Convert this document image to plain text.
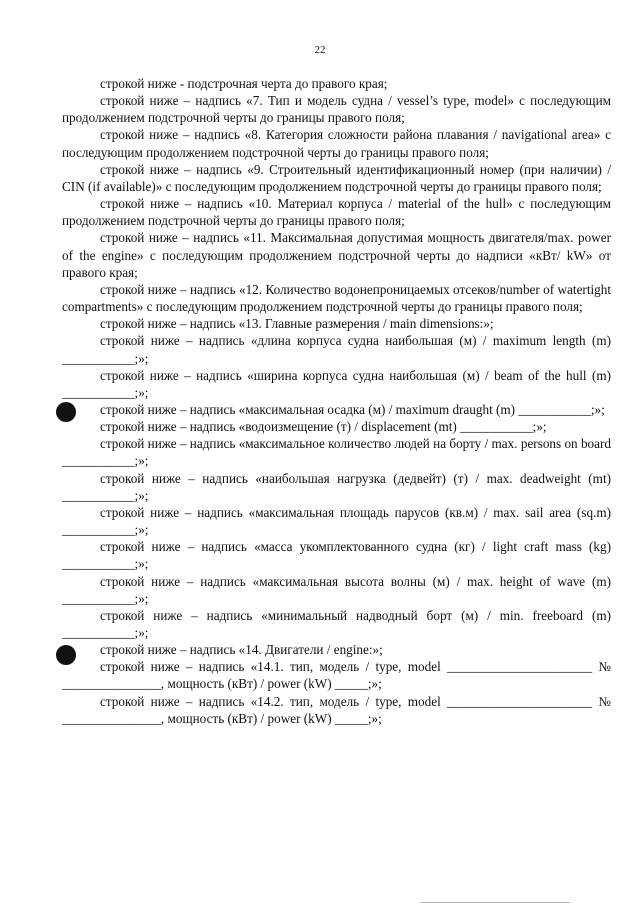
22

строкой ниже - подстрочная черта до правого края;

строкой ниже – надпись «7. Тип и модель судна / vessel’s type, model» с последующим продолжением подстрочной черты до границы правого поля;

строкой ниже – надпись «8. Категория сложности района плавания / navigational area» с последующим продолжением подстрочной черты до границы правого поля;

строкой ниже – надпись «9. Строительный идентификационный номер (при наличии) / CIN (if available)» с последующим продолжением подстрочной черты до границы правого поля;

строкой ниже – надпись «10. Материал корпуса / material of the hull» с последующим продолжением подстрочной черты до границы правого поля;

строкой ниже – надпись «11. Максимальная допустимая мощность двигателя/max. power of the engine» с последующим продолжением подстрочной черты до надписи «кВт/ kW» от правого края;

строкой ниже – надпись «12. Количество водонепроницаемых отсеков/number of watertight compartments» с последующим продолжением подстрочной черты до границы правого поля;

строкой ниже – надпись «13. Главные размерения / main dimensions:»;

строкой ниже – надпись «длина корпуса судна наибольшая (м) / maximum length (m) ___________;»;

строкой ниже – надпись «ширина корпуса судна наибольшая (м) / beam of the hull (m) ___________;»;

строкой ниже – надпись «максимальная осадка (м) / maximum draught (m) ___________;»;

строкой ниже – надпись «водоизмещение (т) / displacement (mt) ___________;»;

строкой ниже – надпись «максимальное количество людей на борту / max. persons on board ___________;»;

строкой ниже – надпись «наибольшая нагрузка (дедвейт) (т) / max. deadweight (mt) ___________;»;

строкой ниже – надпись «максимальная площадь парусов (кв.м) / max. sail area (sq.m) ___________;»;

строкой ниже – надпись «масса укомплектованного судна (кг) / light craft mass (kg) ___________;»;

строкой ниже – надпись «максимальная высота волны (м) / max. height of wave (m) ___________;»;

строкой ниже – надпись «минимальный надводный борт (м) / min. freeboard (m) ___________;»;

строкой ниже – надпись «14. Двигатели / engine:»;

строкой ниже – надпись «14.1. тип, модель / type, model ______________________ № _______________, мощность (кВт) / power (kW) _____;»;

строкой ниже – надпись «14.2. тип, модель / type, model ______________________ № _______________, мощность (кВт) / power (kW) _____;»;
